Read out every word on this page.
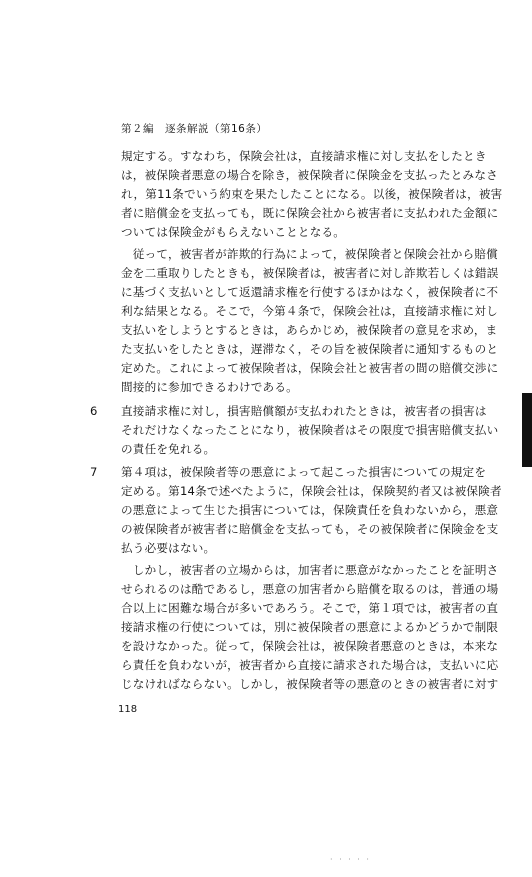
第２編　逐条解説（第16条）
規定する。すなわち，保険会社は，直接請求権に対し支払をしたとき
は，被保険者悪意の場合を除き，被保険者に保険金を支払ったとみなさ
れ，第11条でいう約束を果たしたことになる。以後，被保険者は，被害
者に賠償金を支払っても，既に保険会社から被害者に支払われた金額に
ついては保険金がもらえないこととなる。
　従って，被害者が詐欺的行為によって，被保険者と保険会社から賠償
金を二重取りしたときも，被保険者は，被害者に対し詐欺若しくは錯誤
に基づく支払いとして返還請求権を行使するほかはなく，被保険者に不
利な結果となる。そこで，今第４条で，保険会社は，直接請求権に対し
支払いをしようとするときは，あらかじめ，被保険者の意見を求め，ま
た支払いをしたときは，遅滞なく，その旨を被保険者に通知するものと
定めた。これによって被保険者は，保険会社と被害者の間の賠償交渉に
間接的に参加できるわけである。
6 直接請求権に対し，損害賠償額が支払われたときは，被害者の損害は
それだけなくなったことになり，被保険者はその限度で損害賠償支払い
の責任を免れる。
7 第４項は，被保険者等の悪意によって起こった損害についての規定を
定める。第14条で述べたように，保険会社は，保険契約者又は被保険者
の悪意によって生じた損害については，保険責任を負わないから，悪意
の被保険者が被害者に賠償金を支払っても，その被保険者に保険金を支
払う必要はない。
　しかし，被害者の立場からは，加害者に悪意がなかったことを証明さ
せられるのは酷であるし，悪意の加害者から賠償を取るのは，普通の場
合以上に困難な場合が多いであろう。そこで，第１項では，被害者の直
接請求権の行使については，別に被保険者の悪意によるかどうかで制限
を設けなかった。従って，保険会社は，被保険者悪意のときは，本来な
ら責任を負わないが，被害者から直接に請求された場合は，支払いに応
じなければならない。しかし，被保険者等の悪意のときの被害者に対す
118
· · · · ·
